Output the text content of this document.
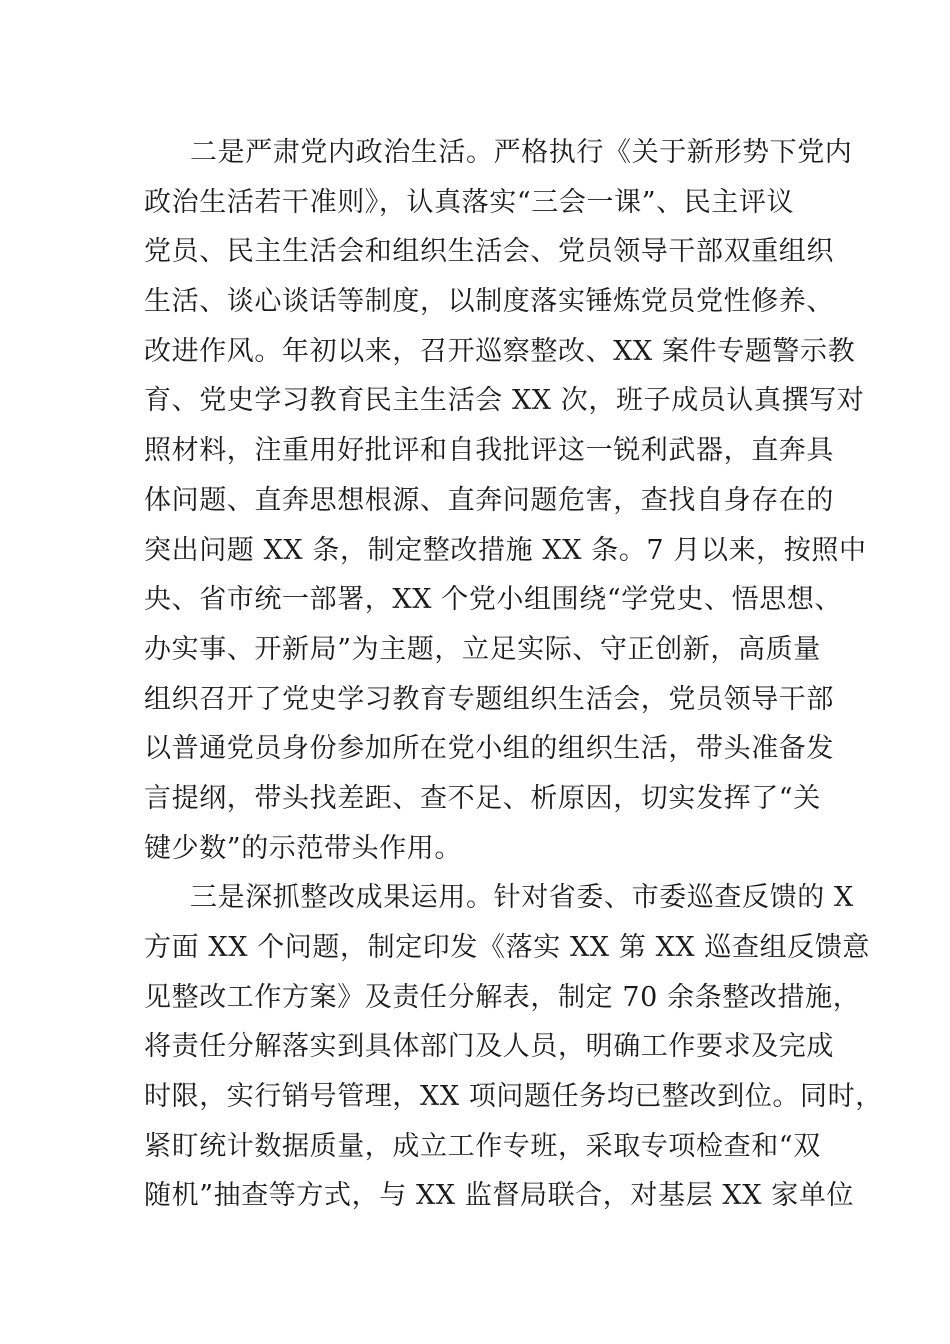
二是严肃党内政治生活。严格执行《关于新形势下党内
政治生活若干准则》，认真落实“三会一课”、民主评议
党员、民主生活会和组织生活会、党员领导干部双重组织
生活、谈心谈话等制度，以制度落实锤炼党员党性修养、
改进作风。年初以来，召开巡察整改、XX 案件专题警示教
育、党史学习教育民主生活会 XX 次，班子成员认真撰写对
照材料，注重用好批评和自我批评这一锐利武器，直奔具
体问题、直奔思想根源、直奔问题危害，查找自身存在的
突出问题 XX 条，制定整改措施 XX 条。7 月以来，按照中
央、省市统一部署，XX 个党小组围绕“学党史、悟思想、
办实事、开新局”为主题，立足实际、守正创新，高质量
组织召开了党史学习教育专题组织生活会，党员领导干部
以普通党员身份参加所在党小组的组织生活，带头准备发
言提纲，带头找差距、查不足、析原因，切实发挥了“关
键少数”的示范带头作用。
三是深抓整改成果运用。针对省委、市委巡查反馈的 X
方面 XX 个问题，制定印发《落实 XX 第 XX 巡查组反馈意
见整改工作方案》及责任分解表，制定 70 余条整改措施，
将责任分解落实到具体部门及人员，明确工作要求及完成
时限，实行销号管理，XX 项问题任务均已整改到位。同时，
紧盯统计数据质量，成立工作专班，采取专项检查和“双
随机”抽查等方式，与 XX 监督局联合，对基层 XX 家单位
